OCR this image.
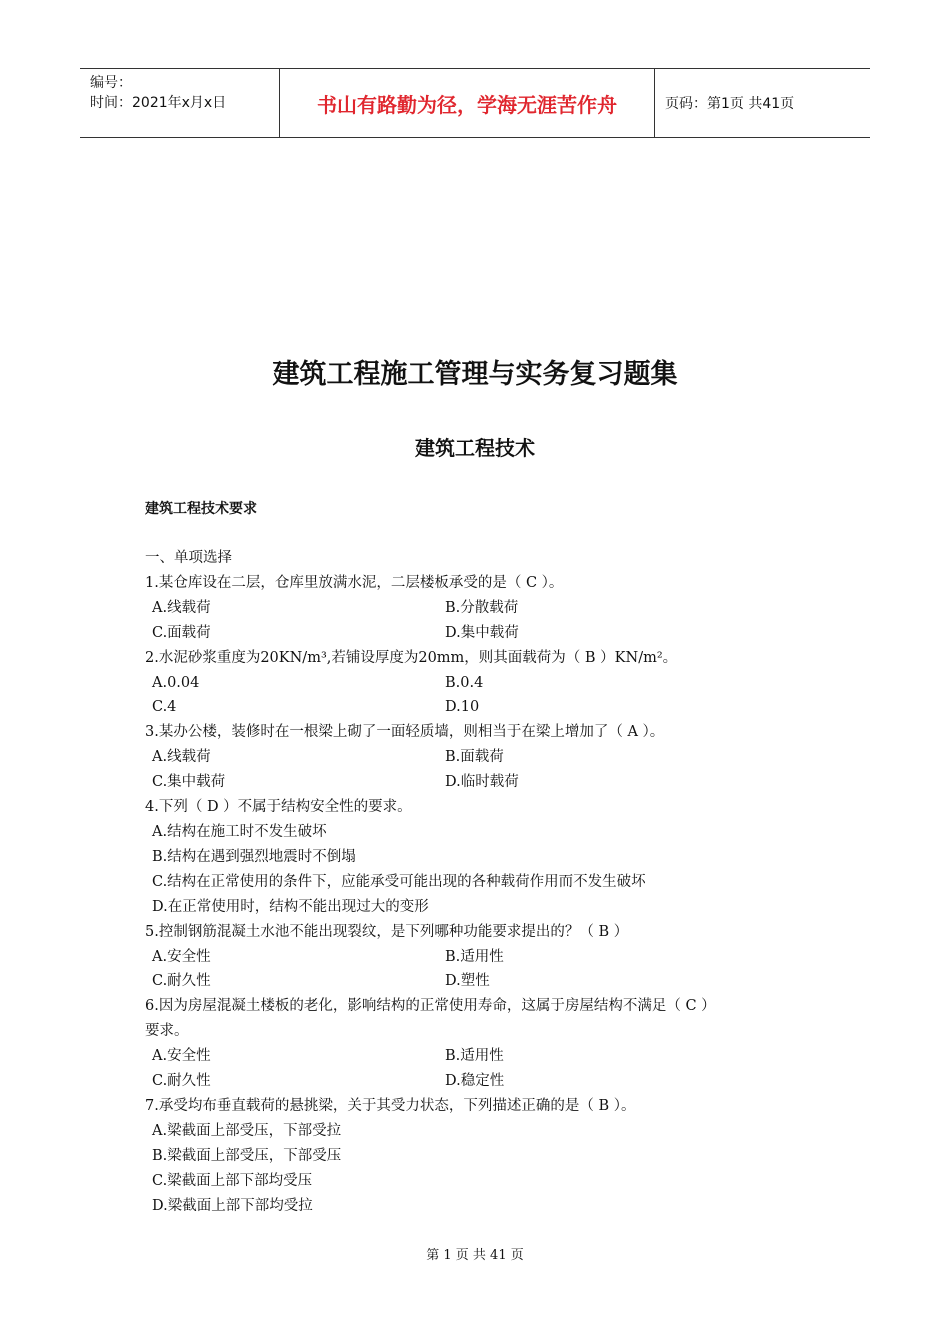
编号：
时间：2021年x月x日	书山有路勤为径，学海无涯苦作舟	页码：第1页 共41页
建筑工程施工管理与实务复习题集
建筑工程技术
建筑工程技术要求
一、单项选择
1.某仓库设在二层，仓库里放满水泥，二层楼板承受的是（ C ）。
A.线载荷	B.分散载荷
C.面载荷	D.集中载荷
2.水泥砂浆重度为20KN/m³,若铺设厚度为20mm，则其面载荷为（ B ）KN/m²。
A.0.04	B.0.4
C.4	D.10
3.某办公楼，装修时在一根梁上砌了一面轻质墙，则相当于在梁上增加了（ A ）。
A.线载荷	B.面载荷
C.集中载荷	D.临时载荷
4.下列（ D ）不属于结构安全性的要求。
A.结构在施工时不发生破坏
B.结构在遇到强烈地震时不倒塌
C.结构在正常使用的条件下，应能承受可能出现的各种载荷作用而不发生破坏
D.在正常使用时，结构不能出现过大的变形
5.控制钢筋混凝土水池不能出现裂纹，是下列哪种功能要求提出的？（ B ）
A.安全性	B.适用性
C.耐久性	D.塑性
6.因为房屋混凝土楼板的老化，影响结构的正常使用寿命，这属于房屋结构不满足（ C ）
要求。
A.安全性	B.适用性
C.耐久性	D.稳定性
7.承受均布垂直载荷的悬挑梁，关于其受力状态，下列描述正确的是（ B ）。
A.梁截面上部受压，下部受拉
B.梁截面上部受压，下部受压
C.梁截面上部下部均受压
D.梁截面上部下部均受拉
第 1 页 共 41 页
